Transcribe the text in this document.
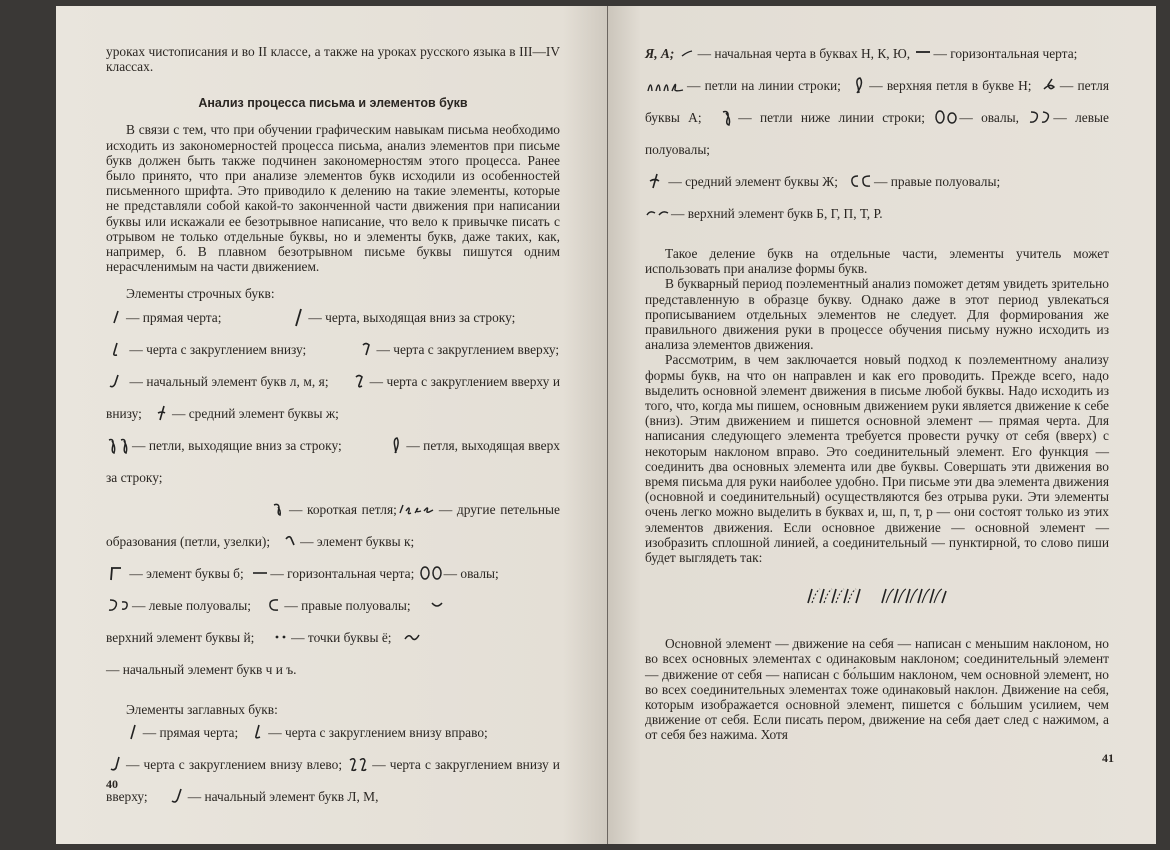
уроках чистописания и во II классе, а также на уроках русского языка в III—IV классах.

Анализ процесса письма и элементов букв

В связи с тем, что при обучении графическим навыкам письма необходимо исходить из закономерностей процесса письма, анализ элементов при письме букв должен быть также подчинен закономерностям этого процесса. Ранее было принято, что при анализе элементов букв исходили из особенностей письменного шрифта. Это приводило к делению на такие элементы, которые не представляли собой какой-то законченной части движения при написании буквы или искажали ее безотрывное написание, что вело к привычке писать с отрывом не только отдельные буквы, но и элементы букв, даже таких, как, например, б. В плавном безотрывном письме буквы пишутся одним нерасчленимым на части движением.

Элементы строчных букв:

— прямая черта;	— черта, выходящая вниз за строку;
— черта с закруглением внизу;	— черта с закруглением вверху;
— начальный элемент букв л, м, я;	— черта с закруглением вверху и внизу; — средний элемент буквы ж;
— петли, выходящие вниз за строку;	— петля, выходящая вверх за строку;
— короткая петля;	— другие петельные образования (петли, узелки); — элемент буквы к;
— элемент буквы б; — горизонтальная черта; — овалы;
— левые полуовалы; — правые полуовалы;
верхний элемент буквы й;	— точки буквы ё;
— начальный элемент букв ч и ъ.

Элементы заглавных букв:

— прямая черта; — черта с закруглением внизу вправо;
— черта с закруглением внизу влево; — черта с закруглением внизу и вверху;	— начальный элемент букв Л, М,
40
Я, А; — начальная черта в буквах Н, К, Ю, — горизонтальная черта;
— петли на линии строки; — верхняя петля в букве Н; — петля буквы А;	— петли ниже линии строки;	— овалы,	— левые полуовалы;
— средний элемент буквы Ж;	— правые полуовалы;
— верхний элемент букв Б, Г, П, Т, Р.

Такое деление букв на отдельные части, элементы учитель может использовать при анализе формы букв.

В букварный период поэлементный анализ поможет детям увидеть зрительно представленную в образце букву. Однако даже в этот период увлекаться прописыванием отдельных элементов не следует. Для формирования же правильного движения руки в процессе обучения письму нужно исходить из анализа элементов движения.

Рассмотрим, в чем заключается новый подход к поэлементному анализу формы букв, на что он направлен и как его проводить. Прежде всего, надо выделить основной элемент движения в письме любой буквы. Надо исходить из того, что, когда мы пишем, основным движением руки является движение к себе (вниз). Этим движением и пишется основной элемент — прямая черта. Для написания следующего элемента требуется провести ручку от себя (вверх) с некоторым наклоном вправо. Это соединительный элемент. Его функция — соединить два основных элемента или две буквы. Совершать эти движения во время письма для руки наиболее удобно. При письме эти два элемента движения (основной и соединительный) осуществляются без отрыва руки. Эти элементы очень легко можно выделить в буквах и, ш, п, т, р — они состоят только из этих элементов движения. Если основное движение — основной элемент — изобразить сплошной линией, а соединительный — пунктирной, то слово пиши будет выглядеть так:

Основной элемент — движение на себя — написан с меньшим наклоном, но во всех основных элементах с одинаковым наклоном; соединительный элемент — движение от себя — написан с бо́льшим наклоном, чем основной элемент, но во всех соединительных элементах тоже одинаковый наклон. Движение на себя, которым изображается основной элемент, пишется с бо́льшим усилием, чем движение от себя. Если писать пером, движение на себя дает след с нажимом, а от себя без нажима. Хотя

41
